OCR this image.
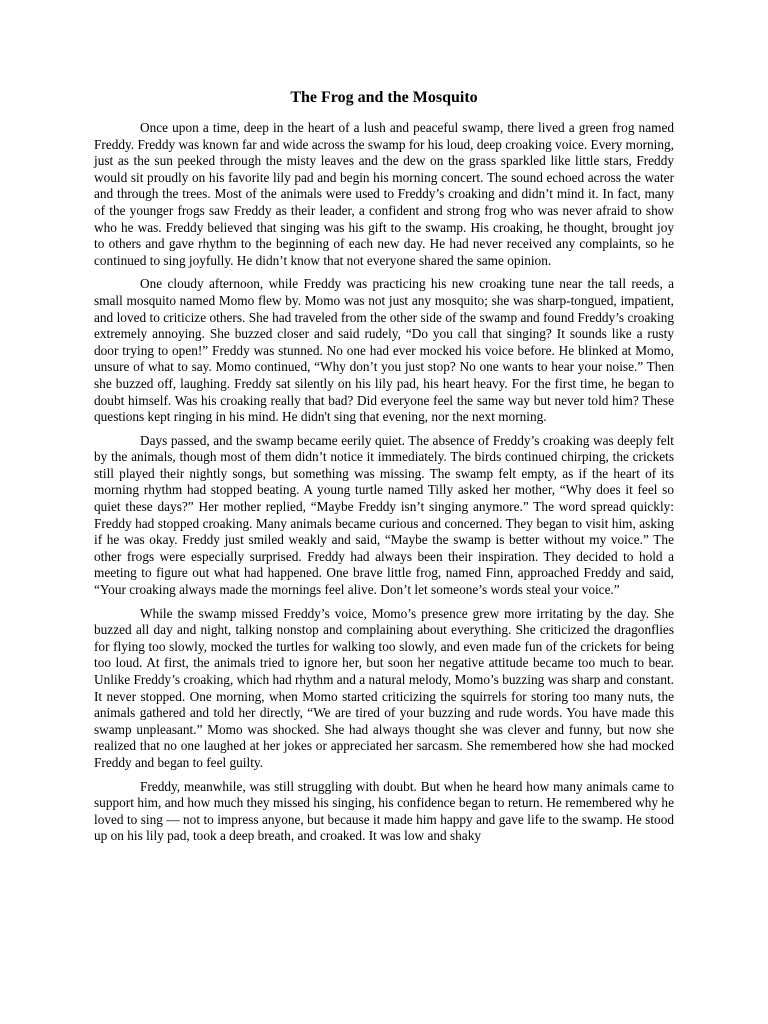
The Frog and the Mosquito

Once upon a time, deep in the heart of a lush and peaceful swamp, there lived a green frog named Freddy. Freddy was known far and wide across the swamp for his loud, deep croaking voice. Every morning, just as the sun peeked through the misty leaves and the dew on the grass sparkled like little stars, Freddy would sit proudly on his favorite lily pad and begin his morning concert. The sound echoed across the water and through the trees. Most of the animals were used to Freddy’s croaking and didn’t mind it. In fact, many of the younger frogs saw Freddy as their leader, a confident and strong frog who was never afraid to show who he was. Freddy believed that singing was his gift to the swamp. His croaking, he thought, brought joy to others and gave rhythm to the beginning of each new day. He had never received any complaints, so he continued to sing joyfully. He didn’t know that not everyone shared the same opinion.

One cloudy afternoon, while Freddy was practicing his new croaking tune near the tall reeds, a small mosquito named Momo flew by. Momo was not just any mosquito; she was sharp-tongued, impatient, and loved to criticize others. She had traveled from the other side of the swamp and found Freddy’s croaking extremely annoying. She buzzed closer and said rudely, “Do you call that singing? It sounds like a rusty door trying to open!” Freddy was stunned. No one had ever mocked his voice before. He blinked at Momo, unsure of what to say. Momo continued, “Why don’t you just stop? No one wants to hear your noise.” Then she buzzed off, laughing. Freddy sat silently on his lily pad, his heart heavy. For the first time, he began to doubt himself. Was his croaking really that bad? Did everyone feel the same way but never told him? These questions kept ringing in his mind. He didn't sing that evening, nor the next morning.

Days passed, and the swamp became eerily quiet. The absence of Freddy’s croaking was deeply felt by the animals, though most of them didn’t notice it immediately. The birds continued chirping, the crickets still played their nightly songs, but something was missing. The swamp felt empty, as if the heart of its morning rhythm had stopped beating. A young turtle named Tilly asked her mother, “Why does it feel so quiet these days?” Her mother replied, “Maybe Freddy isn’t singing anymore.” The word spread quickly: Freddy had stopped croaking. Many animals became curious and concerned. They began to visit him, asking if he was okay. Freddy just smiled weakly and said, “Maybe the swamp is better without my voice.” The other frogs were especially surprised. Freddy had always been their inspiration. They decided to hold a meeting to figure out what had happened. One brave little frog, named Finn, approached Freddy and said, “Your croaking always made the mornings feel alive. Don’t let someone’s words steal your voice.”

While the swamp missed Freddy’s voice, Momo’s presence grew more irritating by the day. She buzzed all day and night, talking nonstop and complaining about everything. She criticized the dragonflies for flying too slowly, mocked the turtles for walking too slowly, and even made fun of the crickets for being too loud. At first, the animals tried to ignore her, but soon her negative attitude became too much to bear. Unlike Freddy’s croaking, which had rhythm and a natural melody, Momo’s buzzing was sharp and constant. It never stopped. One morning, when Momo started criticizing the squirrels for storing too many nuts, the animals gathered and told her directly, “We are tired of your buzzing and rude words. You have made this swamp unpleasant.” Momo was shocked. She had always thought she was clever and funny, but now she realized that no one laughed at her jokes or appreciated her sarcasm. She remembered how she had mocked Freddy and began to feel guilty.

Freddy, meanwhile, was still struggling with doubt. But when he heard how many animals came to support him, and how much they missed his singing, his confidence began to return. He remembered why he loved to sing — not to impress anyone, but because it made him happy and gave life to the swamp. He stood up on his lily pad, took a deep breath, and croaked. It was low and shaky
